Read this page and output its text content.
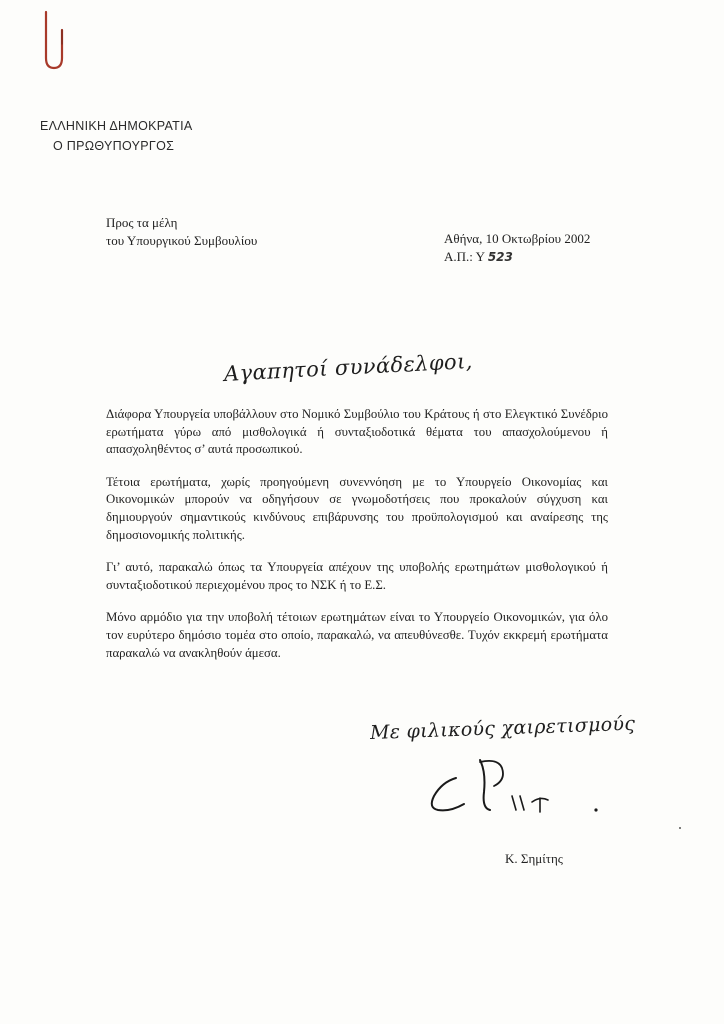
ΕΛΛΗΝΙΚΗ ΔΗΜΟΚΡΑΤΙΑ
Ο ΠΡΩΘΥΠΟΥΡΓΟΣ
Προς τα μέλη
του Υπουργικού Συμβουλίου	Αθήνα, 10 Οκτωβρίου 2002
Α.Π.: Υ 523
Αγαπητοί συνάδελφοι,

Διάφορα Υπουργεία υποβάλλουν στο Νομικό Συμβούλιο του Κράτους ή στο Ελεγκτικό Συνέδριο ερωτήματα γύρω από μισθολογικά ή συνταξιοδοτικά θέματα του απασχολούμενου ή απασχοληθέντος σ’ αυτά προσωπικού.

Τέτοια ερωτήματα, χωρίς προηγούμενη συνεννόηση με το Υπουργείο Οικονομίας και Οικονομικών μπορούν να οδηγήσουν σε γνωμοδοτήσεις που προκαλούν σύγχυση και δημιουργούν σημαντικούς κινδύνους επιβάρυνσης του προϋπολογισμού και αναίρεσης της δημοσιονομικής πολιτικής.

Γι’ αυτό, παρακαλώ όπως τα Υπουργεία απέχουν της υποβολής ερωτημάτων μισθολογικού ή συνταξιοδοτικού περιεχομένου προς το ΝΣΚ ή το Ε.Σ.

Μόνο αρμόδιο για την υποβολή τέτοιων ερωτημάτων είναι το Υπουργείο Οικονομικών, για όλο τον ευρύτερο δημόσιο τομέα στο οποίο, παρακαλώ, να απευθύνεσθε. Τυχόν εκκρεμή ερωτήματα παρακαλώ να ανακληθούν άμεσα.

Με φιλικούς χαιρετισμούς
Κ. Σημίτης
